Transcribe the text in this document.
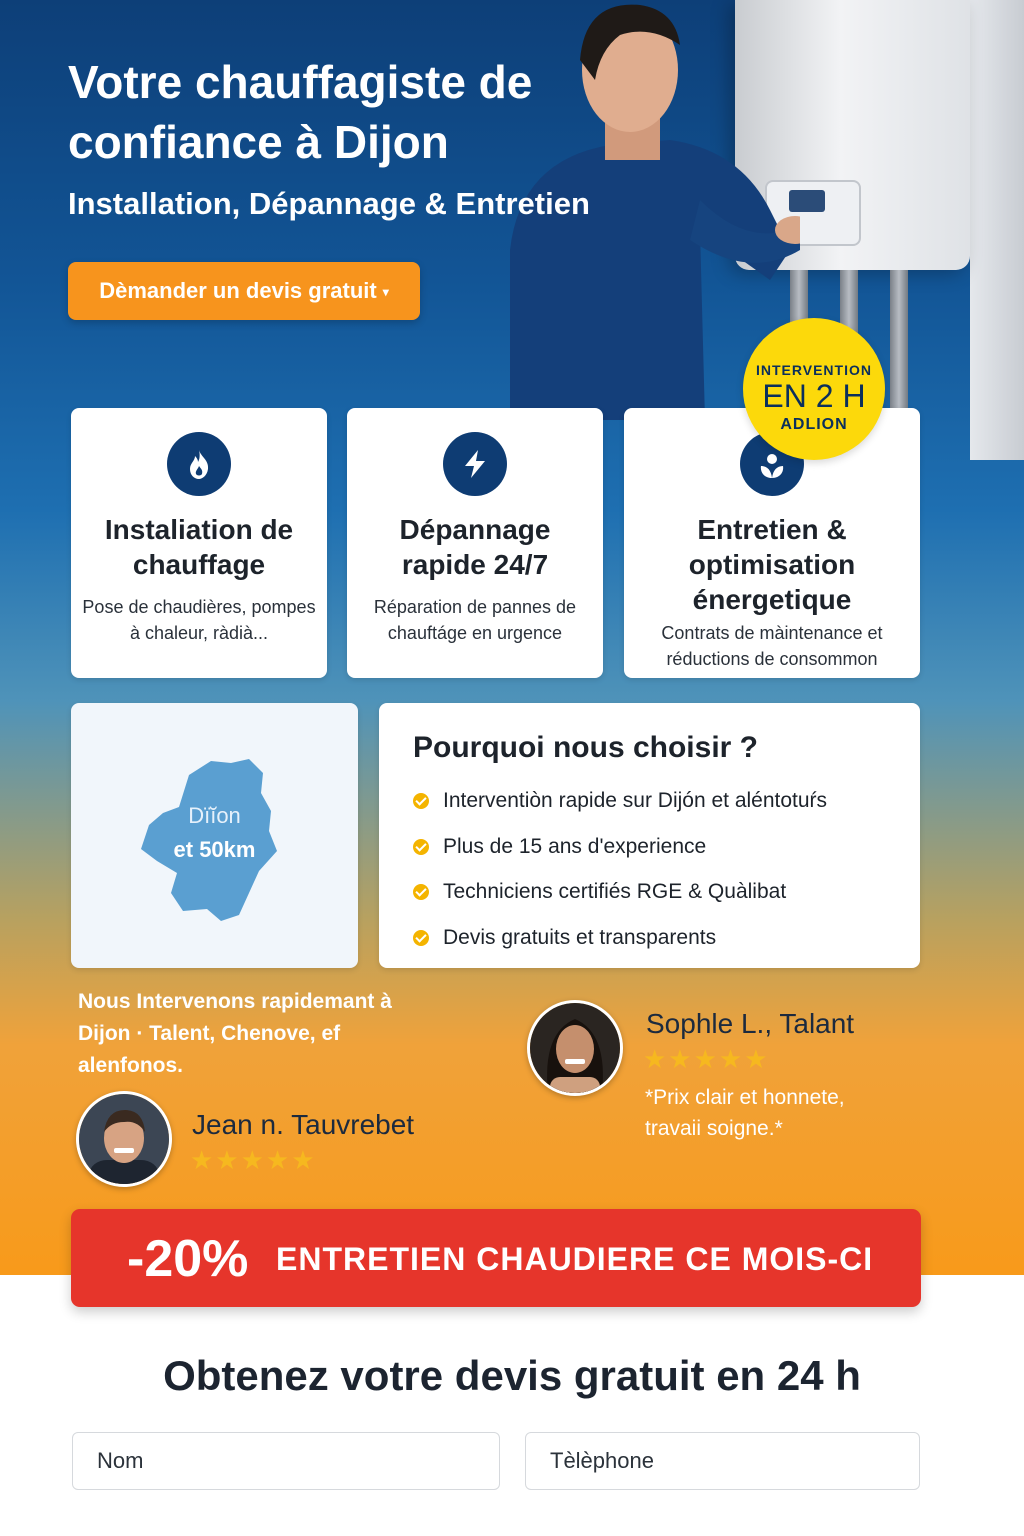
Votre chauffagiste de confiance à Dijon

Installation, Dépannage & Entretien

Dèmander un devis gratuit ▾
INTERVENTION
EN 2 H
ADLION
Instaliation de chauffage
Pose de chaudières, pompes à chaleur, ràdià...
Dépannage rapide 24/7
Réparation de pannes de chauftáge en urgence
Entretien & optimisation énergetique
Contrats de màintenance et réductions de consommon
Dïĭon
et 50km
Pourquoi nous choisir ?
Interventiòn rapide sur Dijón et aléntotuŕs
Plus de 15 ans d'experience
Techniciens certifiés RGE & Quàlibat
Devis gratuits et transparents

Nous Intervenons rapidemant à Dijon · Talent, Chenove, ef alenfonos.

Jean n. Tauvrebet
★★★★★
Sophle L., Talant
★★★★★
*Prix clair et honnete, travaii soigne.*
-20% ENTRETIEN CHAUDIERE CE MOIS-CI
Obtenez votre devis gratuit en 24 h
Nom
Tèlèphone
